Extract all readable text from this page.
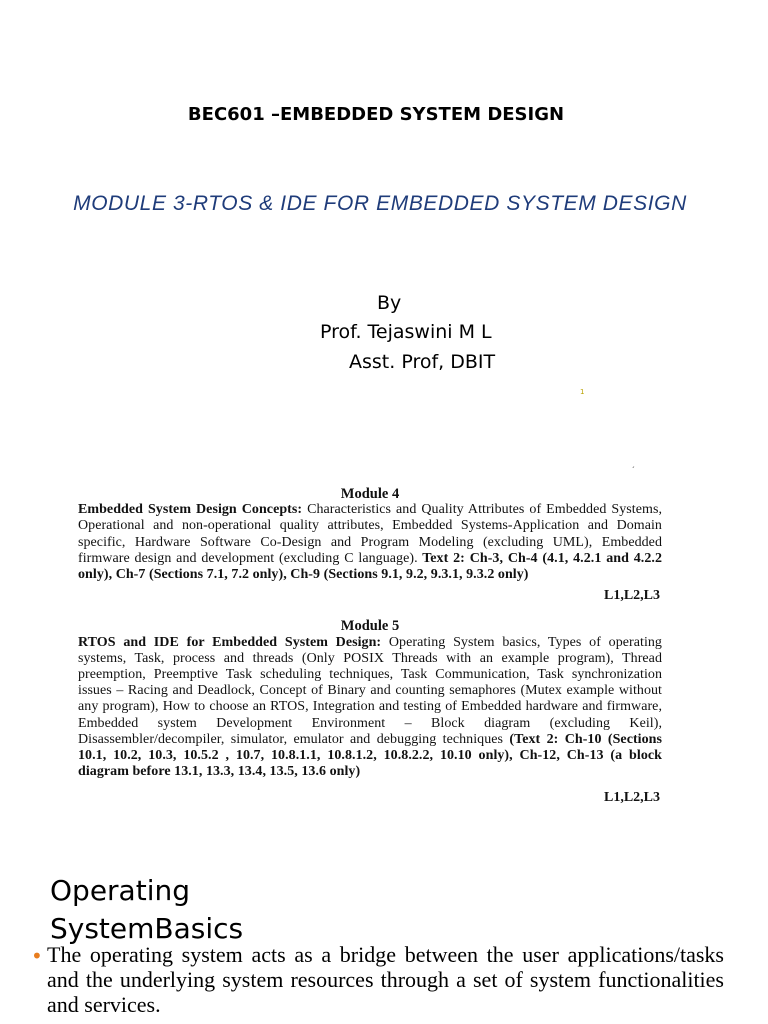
BEC601 –EMBEDDED SYSTEM DESIGN
MODULE 3-RTOS & IDE FOR EMBEDDED SYSTEM DESIGN
By
Prof. Tejaswini M L
Asst. Prof, DBIT
1
´
Module 4
Embedded System Design Concepts: Characteristics and Quality Attributes of Embedded Systems, Operational and non-operational quality attributes, Embedded Systems-Application and Domain specific, Hardware Software Co-Design and Program Modeling (excluding UML), Embedded firmware design and development (excluding C language). Text 2: Ch-3, Ch-4 (4.1, 4.2.1 and 4.2.2 only), Ch-7 (Sections 7.1, 7.2 only), Ch-9 (Sections 9.1, 9.2, 9.3.1, 9.3.2 only)
L1,L2,L3
Module 5
RTOS and IDE for Embedded System Design: Operating System basics, Types of operating systems, Task, process and threads (Only POSIX Threads with an example program), Thread preemption, Preemptive Task scheduling techniques, Task Communication, Task synchronization issues – Racing and Deadlock, Concept of Binary and counting semaphores (Mutex example without any program), How to choose an RTOS, Integration and testing of Embedded hardware and firmware, Embedded system Development Environment – Block diagram (excluding Keil), Disassembler/decompiler, simulator, emulator and debugging techniques (Text 2: Ch-10 (Sections 10.1, 10.2, 10.3, 10.5.2 , 10.7, 10.8.1.1, 10.8.1.2, 10.8.2.2, 10.10 only), Ch-12, Ch-13 (a block diagram before 13.1, 13.3, 13.4, 13.5, 13.6 only)
L1,L2,L3
Operating
SystemBasics
• The operating system acts as a bridge between the user applications/tasks and the underlying system resources through a set of system functionalities and services.
